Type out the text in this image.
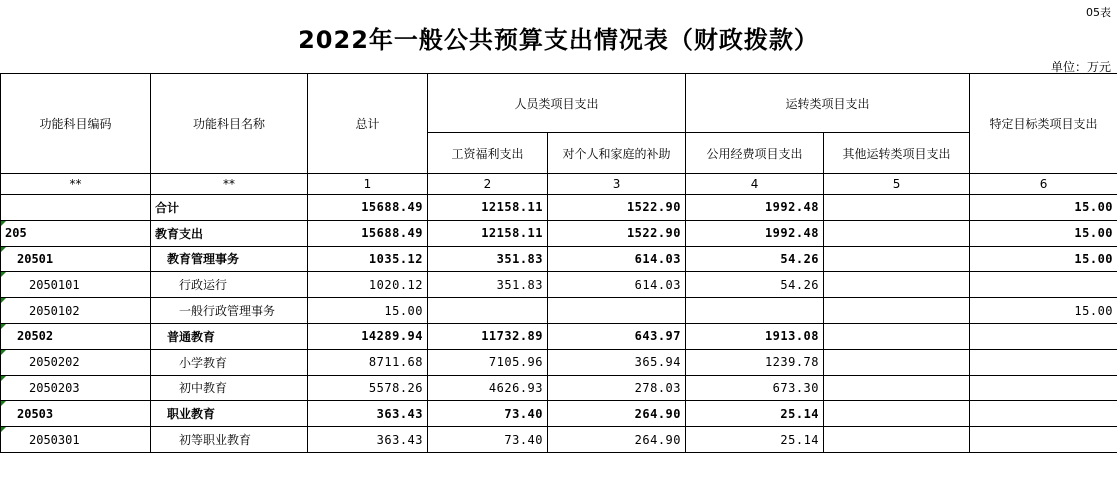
05表
2022年一般公共预算支出情况表（财政拨款）
单位：万元
功能科目编码	功能科目名称	总计	人员类项目支出		运转类项目支出		特定目标类项目支出
			工资福利支出	对个人和家庭的补助	公用经费项目支出	其他运转类项目支出	
**	**	1	2	3	4	5	6
	合计	15688.49	12158.11	1522.90	1992.48		15.00
205	教育支出	15688.49	12158.11	1522.90	1992.48		15.00
20501	教育管理事务	1035.12	351.83	614.03	54.26		15.00
2050101	行政运行	1020.12	351.83	614.03	54.26		
2050102	一般行政管理事务	15.00					15.00
20502	普通教育	14289.94	11732.89	643.97	1913.08		
2050202	小学教育	8711.68	7105.96	365.94	1239.78		
2050203	初中教育	5578.26	4626.93	278.03	673.30		
20503	职业教育	363.43	73.40	264.90	25.14		
2050301	初等职业教育	363.43	73.40	264.90	25.14		
